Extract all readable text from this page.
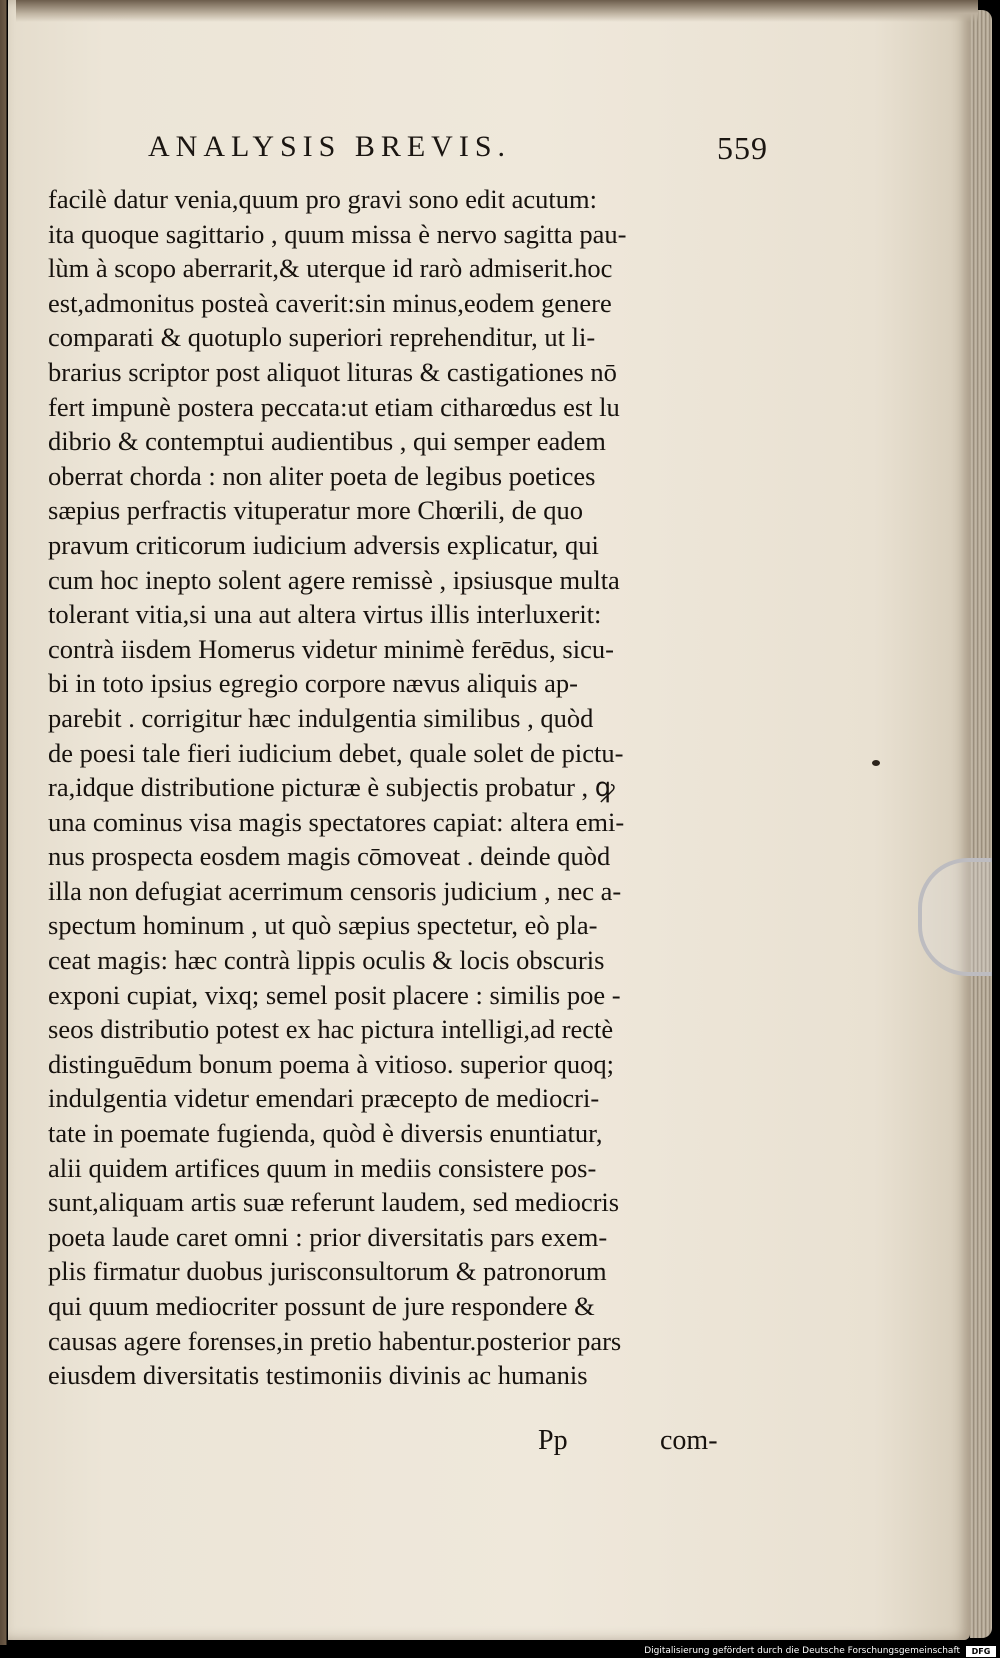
ANALYSIS BREVIS.	559
facilè datur venia,quum pro gravi sono edit acutum:
ita quoque sagittario , quum missa è nervo sagitta pau-
lùm à scopo aberrarit,& uterque id rarò admiserit.hoc
est,admonitus posteà caverit:sin minus,eodem genere
comparati & quotuplo superiori reprehenditur, ut li-
brarius scriptor post aliquot lituras & castigationes nō
fert impunè postera peccata:ut etiam citharœdus est lu
dibrio & contemptui audientibus , qui semper eadem
oberrat chorda : non aliter poeta de legibus poetices
sæpius perfractis vituperatur more Chœrili, de quo
pravum criticorum iudicium adversis explicatur, qui
cum hoc inepto solent agere remissè , ipsiusque multa
tolerant vitia,si una aut altera virtus illis interluxerit:
contrà iisdem Homerus videtur minimè ferēdus, sicu-
bi in toto ipsius egregio corpore nævus aliquis ap-
parebit . corrigitur hæc indulgentia similibus , quòd
de poesi tale fieri iudicium debet, quale solet de pictu-
ra,idque distributione picturæ è subjectis probatur , ꝙ
una cominus visa magis spectatores capiat: altera emi-
nus prospecta eosdem magis cōmoveat . deinde quòd
illa non defugiat acerrimum censoris judicium , nec a-
spectum hominum , ut quò sæpius spectetur, eò pla-
ceat magis: hæc contrà lippis oculis & locis obscuris
exponi cupiat, vixq; semel posit placere : similis poe -
seos distributio potest ex hac pictura intelligi,ad rectè
distinguēdum bonum poema à vitioso. superior quoq;
indulgentia videtur emendari præcepto de mediocri-
tate in poemate fugienda, quòd è diversis enuntiatur,
alii quidem artifices quum in mediis consistere pos-
sunt,aliquam artis suæ referunt laudem, sed mediocris
poeta laude caret omni : prior diversitatis pars exem-
plis firmatur duobus jurisconsultorum & patronorum
qui quum mediocriter possunt de jure respondere &
causas agere forenses,in pretio habentur.posterior pars
eiusdem diversitatis testimoniis divinis ac humanis
Pp	com-
Digitalisierung gefördert durch die Deutsche Forschungsgemeinschaft	DFG
